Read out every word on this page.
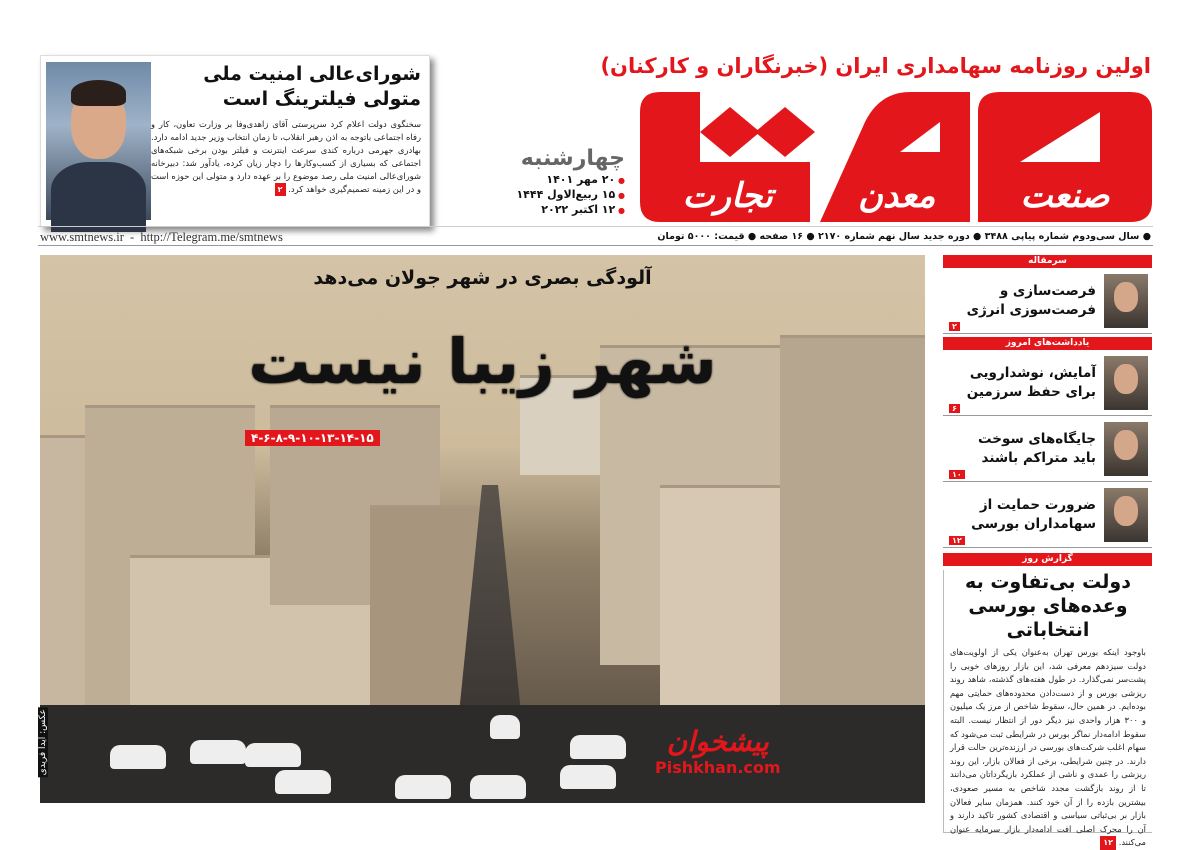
اولین روزنامه سهامداری ایران (خبرنگاران و کارکنان)
صنعت
معدن
تجارت
چهارشنبه
● ۲۰ مهر ۱۴۰۱
● ۱۵ ربیع‌الاول ۱۴۴۴
● ۱۲ اکتبر ۲۰۲۲
شورای‌عالی امنیت ملی
متولی فیلترینگ است
سخنگوی دولت اعلام کرد سرپرستی آقای زاهدی‌وفا بر وزارت تعاون، کار و رفاه اجتماعی باتوجه به اذن رهبر انقلاب، تا زمان انتخاب وزیر جدید ادامه دارد. بهادری جهرمی درباره کندی سرعت اینترنت و فیلتر بودن برخی شبکه‌های اجتماعی که بسیاری از کسب‌وکارها را دچار زیان کرده، یادآور شد: دبیرخانه شورای‌عالی امنیت ملی رصد موضوع را بر عهده دارد و متولی این حوزه است و در این زمینه تصمیم‌گیری خواهد کرد. ۲
www.smtnews.ir - http://Telegram.me/smtnews	● سال سی‌ودوم شماره پیاپی ۳۴۸۸ ● دوره جدید سال نهم شماره ۲۱۷۰ ● ۱۶ صفحه ● قیمت: ۵۰۰۰ تومان
آلودگی بصری در شهر جولان می‌دهد
شهر زیبا نیست
۴-۶-۸-۹-۱۰-۱۳-۱۴-۱۵
عکس: آیدا فریدی	پیشخوان
Pishkhan.com
سرمقاله
فرصت‌سازی و
فرصت‌سوزی انرژی
۲
یادداشت‌های امروز
آمایش، نوشدارویی
برای حفظ سرزمین
۶
جایگاه‌های سوخت
باید متراکم باشند
۱۰
ضرورت حمایت از
سهامداران بورسی
۱۲
گزارش روز
دولت بی‌تفاوت به
وعده‌های بورسی انتخاباتی
باوجود اینکه بورس تهران به‌عنوان یکی از اولویت‌های دولت سیزدهم معرفی شد، این بازار روزهای خوبی را پشت‌سر نمی‌گذارد. در طول هفته‌های گذشته، شاهد روند ریزشی بورس و از دست‌دادن محدوده‌های حمایتی مهم بوده‌ایم. در همین حال، سقوط شاخص از مرز یک میلیون و ۳۰۰ هزار واحدی نیز دیگر دور از انتظار نیست. البته سقوط ادامه‌دار نماگر بورس در شرایطی ثبت می‌شود که سهام اغلب شرکت‌های بورسی در ارزنده‌ترین حالت قرار دارند. در چنین شرایطی، برخی از فعالان بازار، این روند ریزشی را عمدی و ناشی از عملکرد بازیگرداتان می‌دانند تا از روند بازگشت مجدد شاخص به مسیر صعودی، بیشترین بازده را از آن خود کنند. همزمان سایر فعالان بازار بر بی‌ثباتی سیاسی و اقتصادی کشور تاکید دارند و آن را محرک اصلی افت ادامه‌دار بازار سرمایه عنوان می‌کنند. ۱۲
